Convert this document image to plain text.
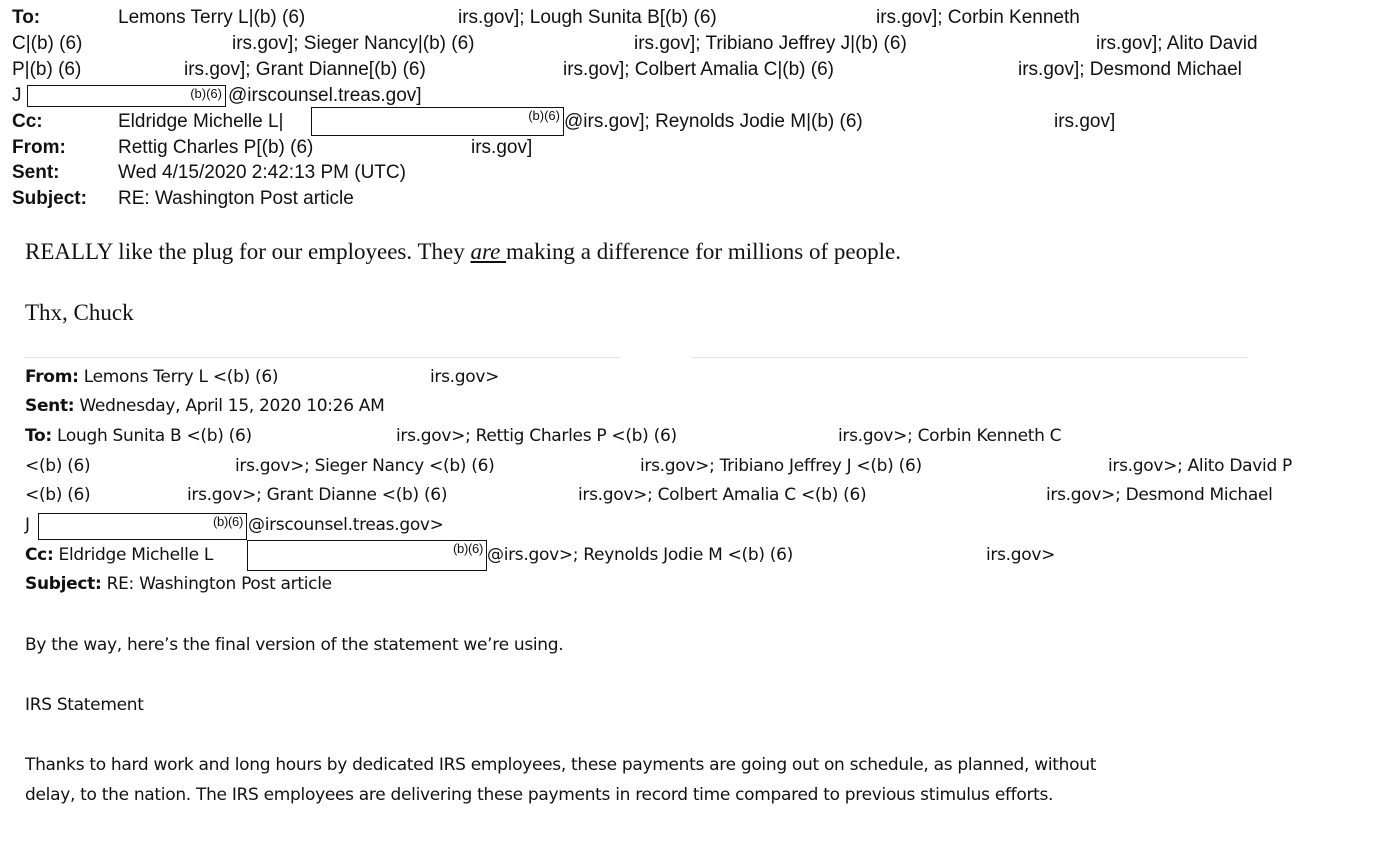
To:	Lemons Terry L|(b) (6)	irs.gov]; Lough Sunita B[(b) (6)	irs.gov]; Corbin Kenneth
C|(b) (6)	irs.gov]; Sieger Nancy|(b) (6)	irs.gov]; Tribiano Jeffrey J|(b) (6)	irs.gov]; Alito David
P|(b) (6)	irs.gov]; Grant Dianne[(b) (6)	irs.gov]; Colbert Amalia C|(b) (6)	irs.gov]; Desmond Michael
J	(b)(6) @irscounsel.treas.gov]
Cc:	Eldridge Michelle L|	(b)(6) @irs.gov]; Reynolds Jodie M|(b) (6)	irs.gov]
From:	Rettig Charles P[(b) (6)	irs.gov]
Sent:	Wed 4/15/2020 2:42:13 PM (UTC)
Subject: RE: Washington Post article
REALLY like the plug for our employees. They are making a difference for millions of people.
Thx, Chuck
From: Lemons Terry L <(b) (6)	irs.gov>
Sent: Wednesday, April 15, 2020 10:26 AM
To: Lough Sunita B <(b) (6)	irs.gov>; Rettig Charles P <(b) (6)	irs.gov>; Corbin Kenneth C
<(b) (6)	irs.gov>; Sieger Nancy <(b) (6)	irs.gov>; Tribiano Jeffrey J <(b) (6)	irs.gov>; Alito David P
<(b) (6)	irs.gov>; Grant Dianne <(b) (6)	irs.gov>; Colbert Amalia C <(b) (6)	irs.gov>; Desmond Michael
J	(b)(6) @irscounsel.treas.gov>
Cc: Eldridge Michelle L	(b)(6) @irs.gov>; Reynolds Jodie M <(b) (6)	irs.gov>
Subject: RE: Washington Post article
By the way, here’s the final version of the statement we’re using.
IRS Statement
Thanks to hard work and long hours by dedicated IRS employees, these payments are going out on schedule, as planned, without
delay, to the nation. The IRS employees are delivering these payments in record time compared to previous stimulus efforts.
